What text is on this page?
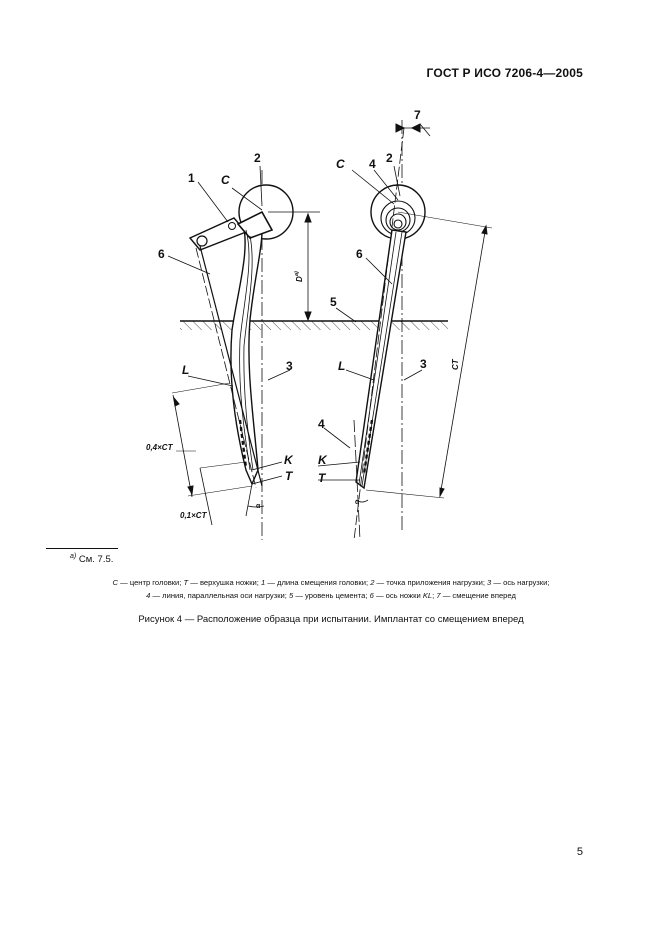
ГОСТ Р ИСО 7206-4—2005
1 C
2
6
L	3
K
T
C 4 2
7
6
5
L	3
4
K
T
0,4×CT
0,1×CT
α
α
D
a)
CT
$^{a)}$ См. 7.5.
C — центр головки; T — верхушка ножки; 1 — длина смещения головки; 2 — точка приложения нагрузки; 3 — ось нагрузки;
4 — линия, параллельная оси нагрузки; 5 — уровень цемента; 6 — ось ножки KL; 7 — смещение вперед
Рисунок 4 — Расположение образца при испытании. Имплантат со смещением вперед
5
